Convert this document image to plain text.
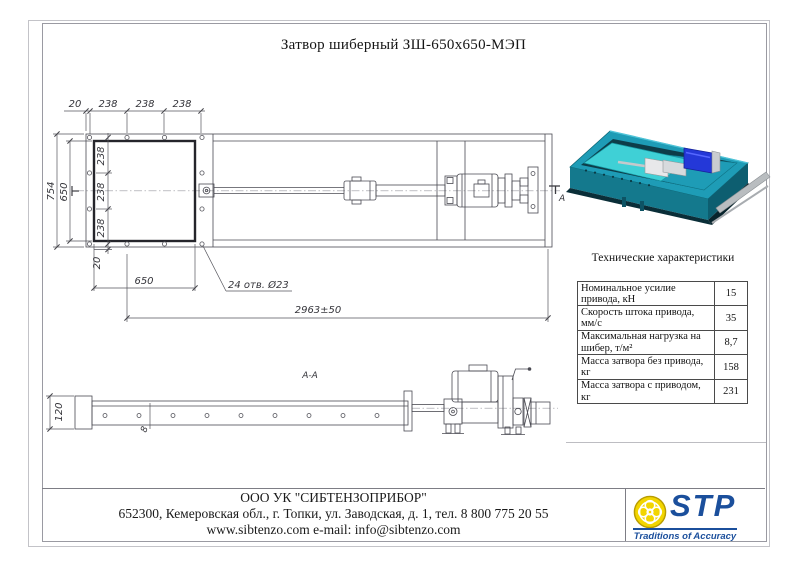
Затвор шиберный ЗШ-650х650-МЭП
А
20 238 238 238
754 650
238
238
238
20
650	24 отв. Ø23
2963±50
А-А
120
8

Технические характеристики

Номинальное усилие привода, кН	15
Скорость штока привода, мм/с	35
Максимальная нагрузка на шибер, т/м²	8,7
Масса затвора без привода, кг	158
Масса затвора с приводом, кг	231
ООО УК "СИБТЕНЗОПРИБОР"
652300, Кемеровская обл., г. Топки, ул. Заводская, д. 1, тел. 8 800 775 20 55
www.sibtenzo.com e-mail: info@sibtenzo.com
STP
Traditions of Accuracy
